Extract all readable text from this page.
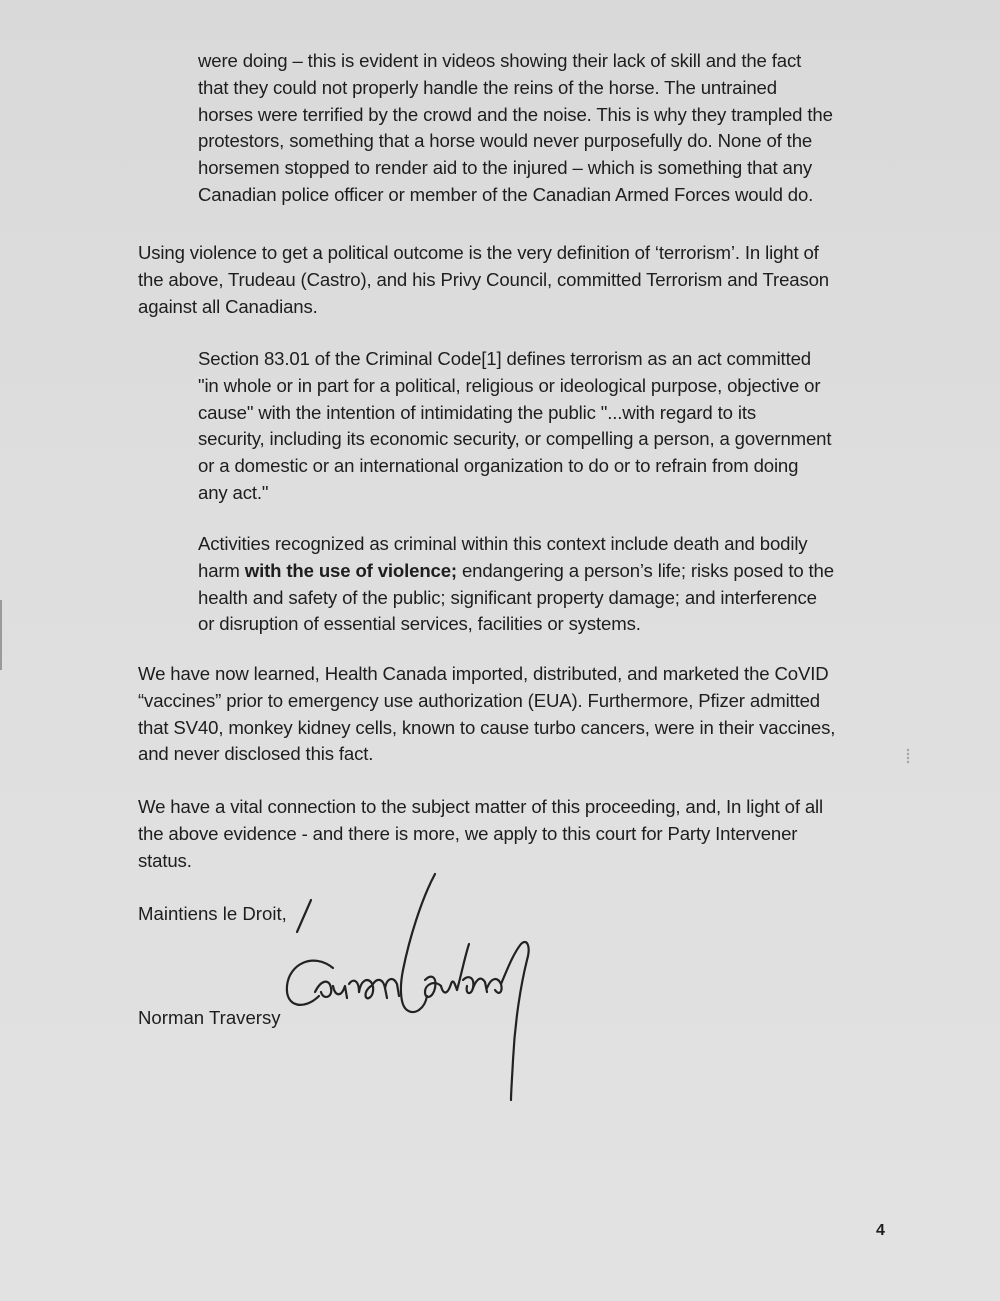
were doing – this is evident in videos showing their lack of skill and the fact
that they could not properly handle the reins of the horse. The untrained
horses were terrified by the crowd and the noise. This is why they trampled the
protestors, something that a horse would never purposefully do. None of the
horsemen stopped to render aid to the injured – which is something that any
Canadian police officer or member of the Canadian Armed Forces would do.

Using violence to get a political outcome is the very definition of ‘terrorism’. In light of
the above, Trudeau (Castro), and his Privy Council, committed Terrorism and Treason
against all Canadians.

Section 83.01 of the Criminal Code[1] defines terrorism as an act committed
"in whole or in part for a political, religious or ideological purpose, objective or
cause" with the intention of intimidating the public "...with regard to its
security, including its economic security, or compelling a person, a government
or a domestic or an international organization to do or to refrain from doing
any act."

Activities recognized as criminal within this context include death and bodily
harm with the use of violence; endangering a person’s life; risks posed to the
health and safety of the public; significant property damage; and interference
or disruption of essential services, facilities or systems.

We have now learned, Health Canada imported, distributed, and marketed the CoVID
“vaccines” prior to emergency use authorization (EUA). Furthermore, Pfizer admitted
that SV40, monkey kidney cells, known to cause turbo cancers, were in their vaccines,
and never disclosed this fact.

We have a vital connection to the subject matter of this proceeding, and, In light of all
the above evidence - and there is more, we apply to this court for Party Intervener
status.

Maintiens le Droit,
Norman Traversy
4
